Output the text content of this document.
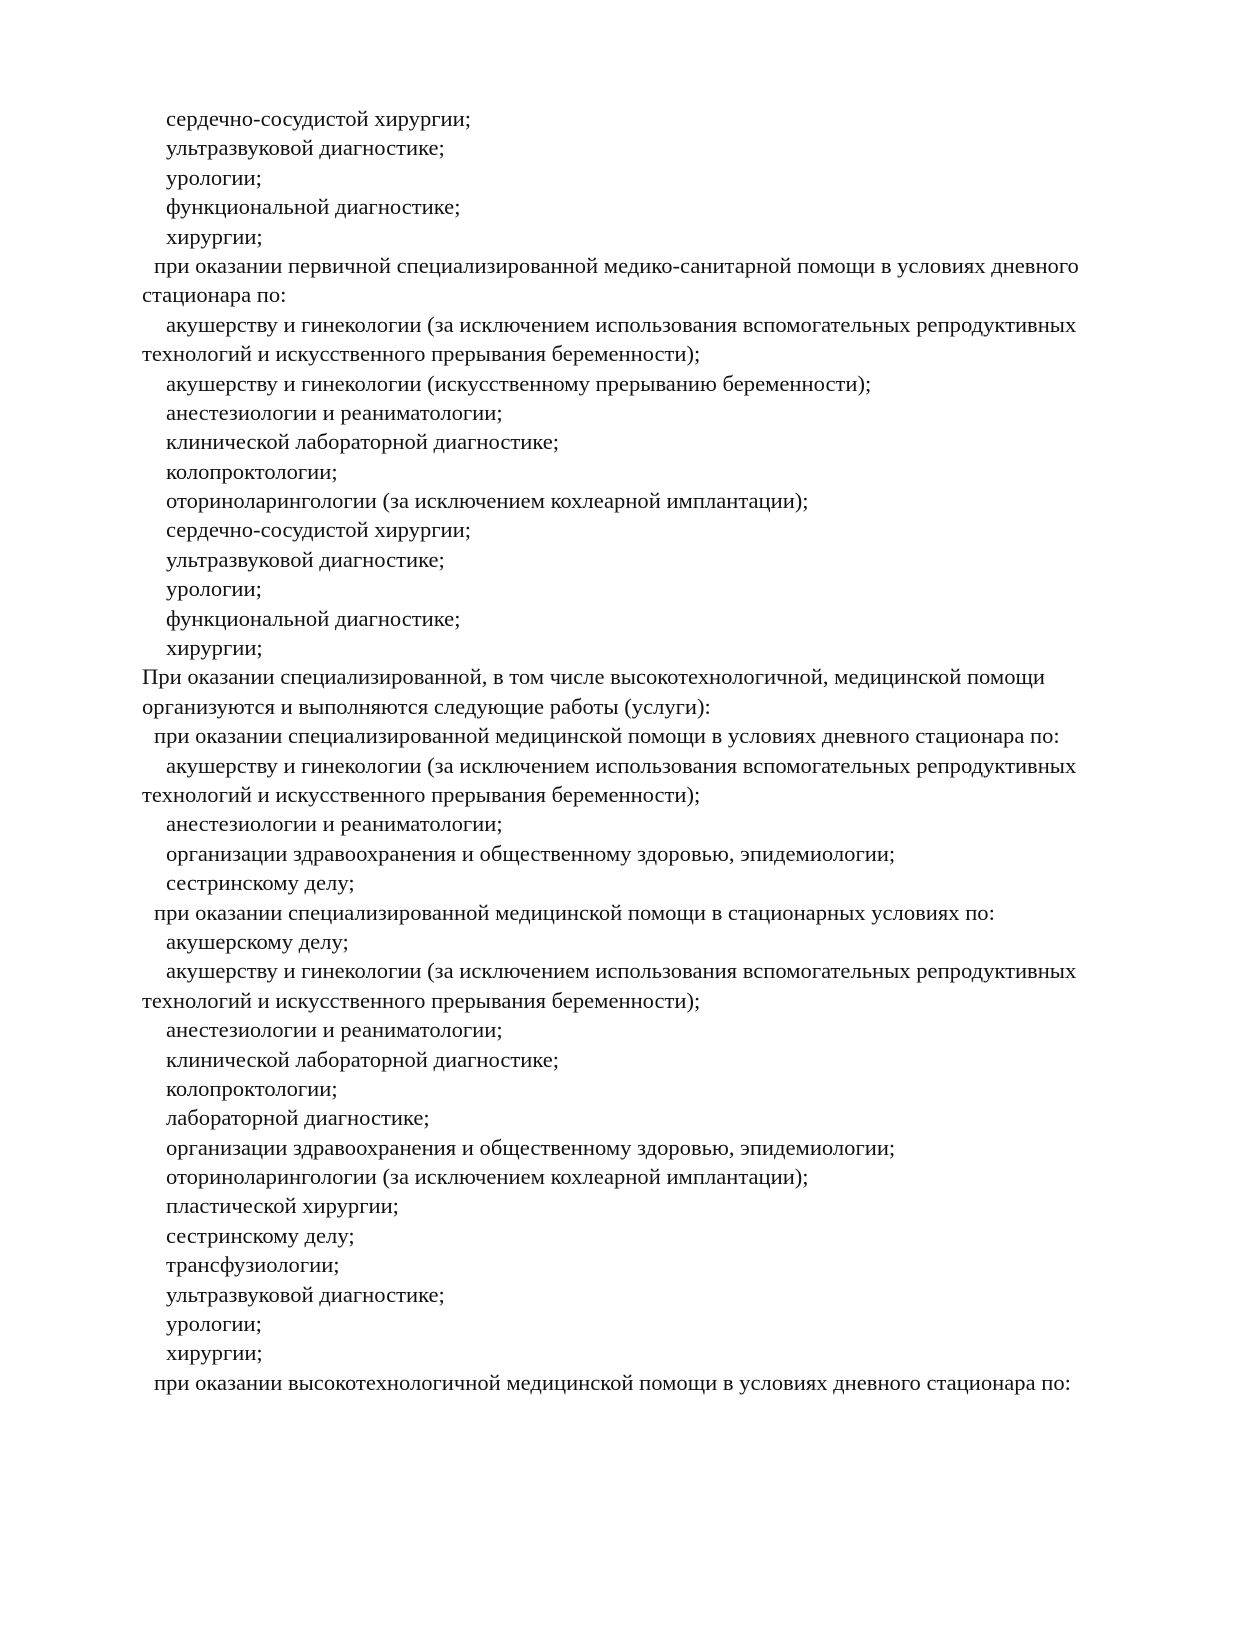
сердечно-сосудистой хирургии;
ультразвуковой диагностике;
урологии;
функциональной диагностике;
хирургии;
при оказании первичной специализированной медико-санитарной помощи в условиях дневного
стационара по:
акушерству и гинекологии (за исключением использования вспомогательных репродуктивных
технологий и искусственного прерывания беременности);
акушерству и гинекологии (искусственному прерыванию беременности);
анестезиологии и реаниматологии;
клинической лабораторной диагностике;
колопроктологии;
оториноларингологии (за исключением кохлеарной имплантации);
сердечно-сосудистой хирургии;
ультразвуковой диагностике;
урологии;
функциональной диагностике;
хирургии;
При оказании специализированной, в том числе высокотехнологичной, медицинской помощи
организуются и выполняются следующие работы (услуги):
при оказании специализированной медицинской помощи в условиях дневного стационара по:
акушерству и гинекологии (за исключением использования вспомогательных репродуктивных
технологий и искусственного прерывания беременности);
анестезиологии и реаниматологии;
организации здравоохранения и общественному здоровью, эпидемиологии;
сестринскому делу;
при оказании специализированной медицинской помощи в стационарных условиях по:
акушерскому делу;
акушерству и гинекологии (за исключением использования вспомогательных репродуктивных
технологий и искусственного прерывания беременности);
анестезиологии и реаниматологии;
клинической лабораторной диагностике;
колопроктологии;
лабораторной диагностике;
организации здравоохранения и общественному здоровью, эпидемиологии;
оториноларингологии (за исключением кохлеарной имплантации);
пластической хирургии;
сестринскому делу;
трансфузиологии;
ультразвуковой диагностике;
урологии;
хирургии;
при оказании высокотехнологичной медицинской помощи в условиях дневного стационара по:
